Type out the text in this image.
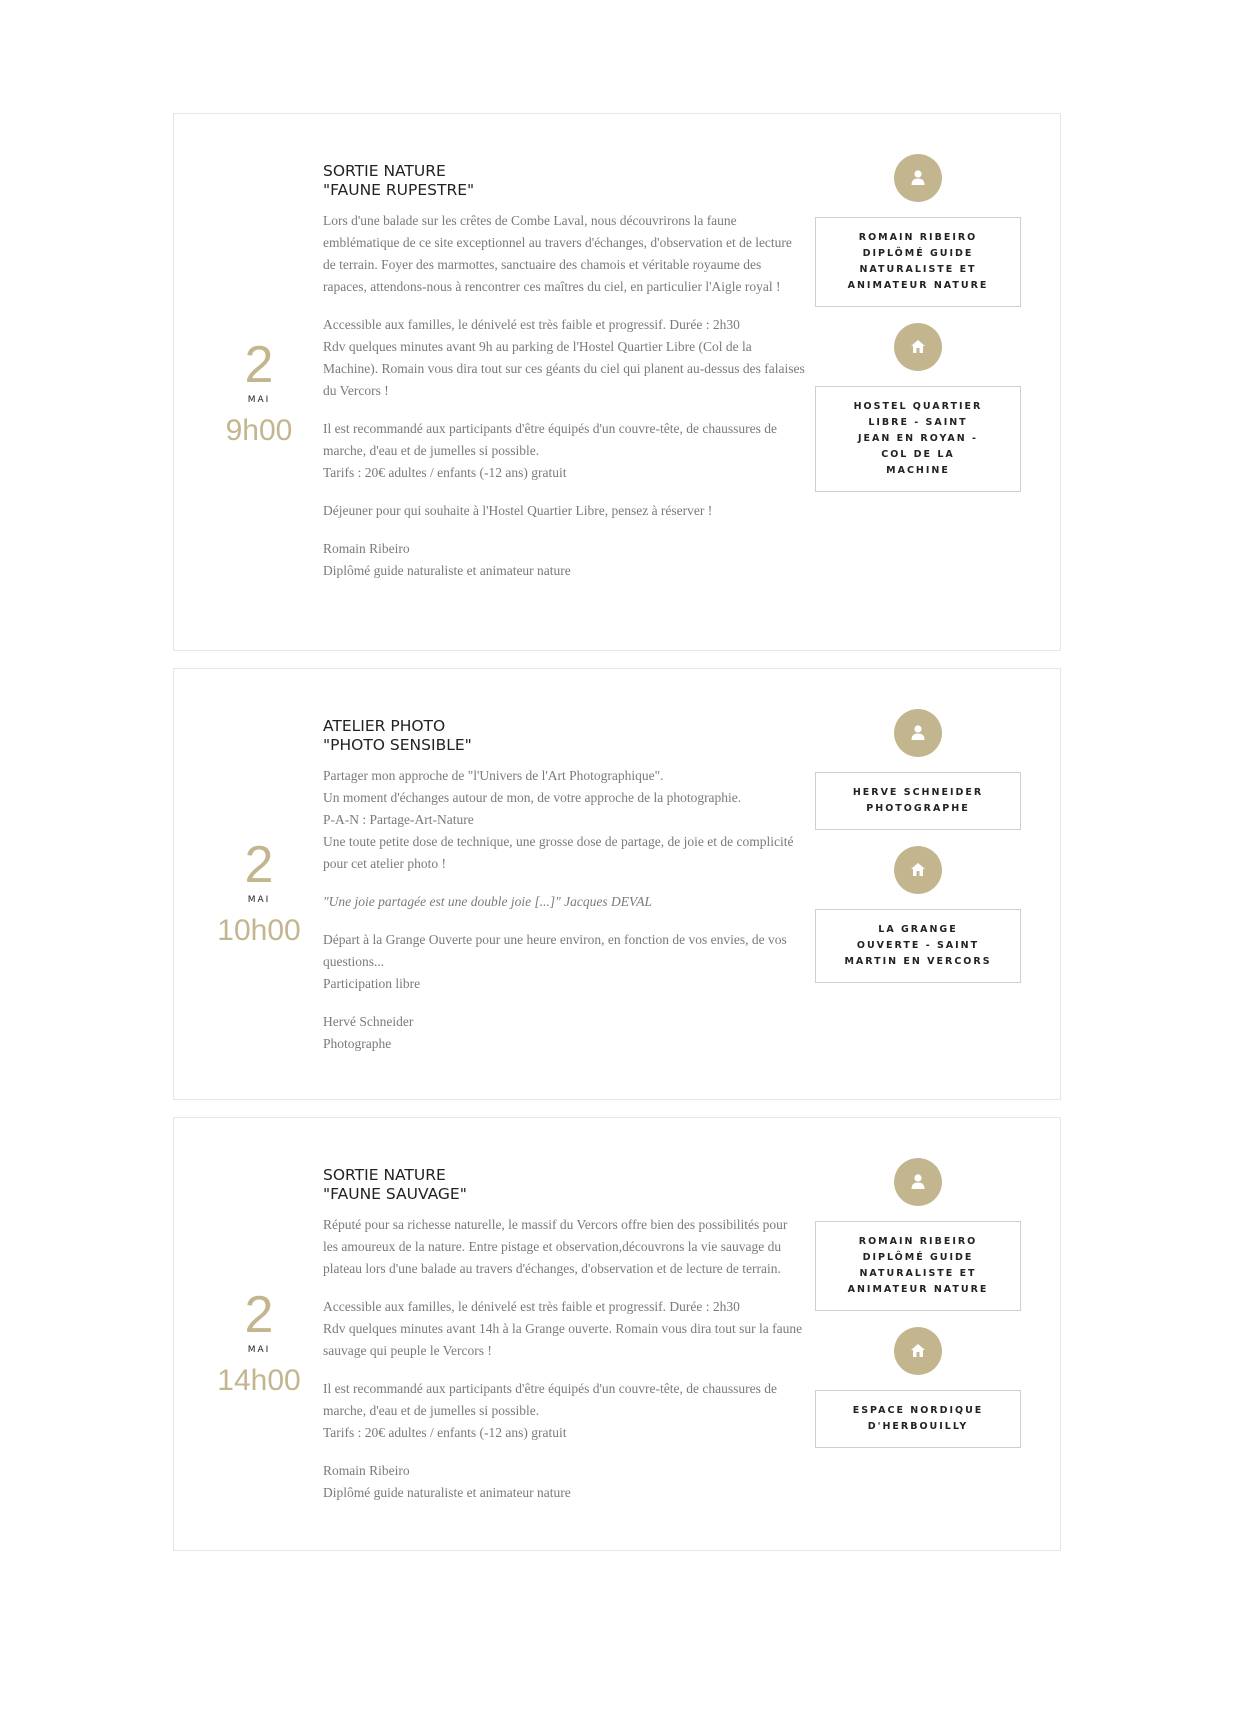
2
MAI
9h00
SORTIE NATURE
"FAUNE RUPESTRE"

Lors d'une balade sur les crêtes de Combe Laval, nous découvrirons la faune emblématique de ce site exceptionnel au travers d'échanges, d'observation et de lecture de terrain. Foyer des marmottes, sanctuaire des chamois et véritable royaume des rapaces, attendons-nous à rencontrer ces maîtres du ciel, en particulier l'Aigle royal !

Accessible aux familles, le dénivelé est très faible et progressif. Durée : 2h30
Rdv quelques minutes avant 9h au parking de l'Hostel Quartier Libre (Col de la Machine). Romain vous dira tout sur ces géants du ciel qui planent au-dessus des falaises du Vercors !

Il est recommandé aux participants d'être équipés d'un couvre-tête, de chaussures de marche, d'eau et de jumelles si possible.
Tarifs : 20€ adultes / enfants (-12 ans) gratuit

Déjeuner pour qui souhaite à l'Hostel Quartier Libre, pensez à réserver !

Romain Ribeiro
Diplômé guide naturaliste et animateur nature

ROMAIN RIBEIRO DIPLÔMÉ GUIDE NATURALISTE ET ANIMATEUR NATURE
HOSTEL QUARTIER LIBRE - SAINT JEAN EN ROYAN - COL DE LA MACHINE
2
MAI
10h00
ATELIER PHOTO
"PHOTO SENSIBLE"

Partager mon approche de "l'Univers de l'Art Photographique".
Un moment d'échanges autour de mon, de votre approche de la photographie.
P-A-N : Partage-Art-Nature
Une toute petite dose de technique, une grosse dose de partage, de joie et de complicité pour cet atelier photo !

"Une joie partagée est une double joie [...]" Jacques DEVAL

Départ à la Grange Ouverte pour une heure environ, en fonction de vos envies, de vos questions...
Participation libre

Hervé Schneider
Photographe

HERVE SCHNEIDER PHOTOGRAPHE
LA GRANGE OUVERTE - SAINT MARTIN EN VERCORS
2
MAI
14h00
SORTIE NATURE
"FAUNE SAUVAGE"

Réputé pour sa richesse naturelle, le massif du Vercors offre bien des possibilités pour les amoureux de la nature. Entre pistage et observation,découvrons la vie sauvage du plateau lors d'une balade au travers d'échanges, d'observation et de lecture de terrain.

Accessible aux familles, le dénivelé est très faible et progressif. Durée : 2h30
Rdv quelques minutes avant 14h à la Grange ouverte. Romain vous dira tout sur la faune sauvage qui peuple le Vercors !

Il est recommandé aux participants d'être équipés d'un couvre-tête, de chaussures de marche, d'eau et de jumelles si possible.
Tarifs : 20€ adultes / enfants (-12 ans) gratuit

Romain Ribeiro
Diplômé guide naturaliste et animateur nature

ROMAIN RIBEIRO DIPLÔMÉ GUIDE NATURALISTE ET ANIMATEUR NATURE
ESPACE NORDIQUE D'HERBOUILLY
